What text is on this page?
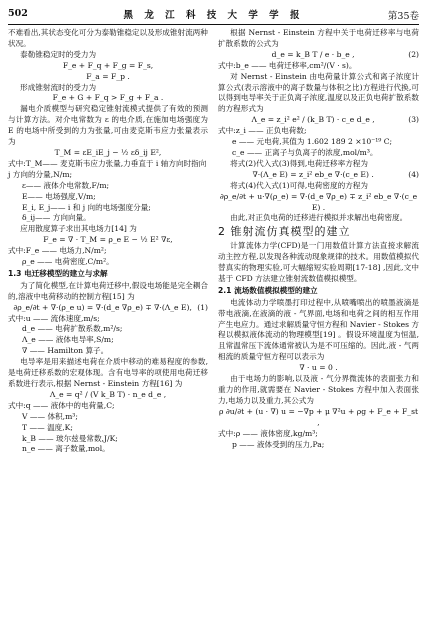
502	黑 龙 江 科 技 大 学 学 报	第35卷
不难看出,其状态变化可分为泰勒锥稳定以及形成锥射流两种状况。
泰勒锥稳定时的受力为
F_e + F_q + F_g = F_s,
F_a = F_p .
形成锥射流时的受力为
F_e + G + F_q > F_g + F_a .
漏电介质模型与研究稳定锥射流模式提供了有效的预测与计算方法。对介电常数为 ε 的电介质,在施加电场强度为 E 的电场中所受到的力为张量,可由麦克斯韦应力张量表示为
T_M = εE_iE_j − ½ εδ_ij E²,
式中:T_M—— 麦克斯韦应力张量,力垂直于 i 轴方向时指向 j 方向的分量,N/m;
ε—— 液体介电常数,F/m;
E—— 电场强度,V/m;
E_i, E_j—— i 和 j 向的电场强度分量;
δ_ij—— 方向向量。
应用散度算子求出其电场力[14] 为
F_e = ∇ · T_M = ρ_e E − ½ E² ∇ε,
式中:F_e —— 电场力,N/m²;
ρ_e —— 电荷密度,C/m²。
1.3 电迁移模型的建立与求解
为了简化模型,在计算电荷迁移中,假设电场能是完全耦合的,溶液中电荷移动的控制方程[15] 为
∂ρ_e/∂t + ∇·(ρ_e u) = ∇·(d_e ∇ρ_e) ∓ ∇·(Λ_e E), (1)
式中:u —— 流体速度,m/s;
d_e —— 电荷扩散系数,m²/s;
Λ_e —— 液体电导率,S/m;
∇ —— Hamilton 算子。
电导率是用来描述电荷在介质中移动的难易程度的参数,是电荷迁移系数的宏观体现。含有电导率的项使用电荷迁移系数进行表示,根据 Nernst - Einstein 方程[16] 为
Λ_e = q² / (V k_B T) · n_e d_e ,
式中:q —— 液体中的电荷量,C;
V —— 体积,m³;
T —— 温度,K;
k_B —— 玻尔兹曼常数,J/K;
n_e —— 离子数量,mol。
根据 Nernst - Einstein 方程中关于电荷迁移率与电荷扩散系数的公式为
d_e = k_B T / e · b_e ,	(2)
式中:b_e —— 电荷迁移率,cm²/(V · s)。
对 Nernst - Einstein 由电荷量计算公式和离子浓度计算公式(表示溶液中的离子数量与体积之比)方程进行代换,可以得到电导率关于正负离子浓度,温度以及正负电荷扩散系数的方程形式为
Λ_e = z_i² e² / (k_B T) · c_e d_e ,	(3)
式中:z_i —— 正负电荷数;
e —— 元电荷,其值为 1.602 189 2 ×10⁻¹⁹ C;
c_e —— 正离子与负离子的浓度,mol/m³。
将式(2)代入式(3)得到,电荷迁移率方程为
∇·(Λ_e E) = z_i² eb_e ∇·(c_e E) .	(4)
将式(4)代入式(1)可得,电荷密度的方程为
∂ρ_e/∂t + u·∇(ρ_e) = ∇·(d_e ∇ρ_e) ∓ z_i² eb_e ∇·(c_e E) .
由此,对正负电荷的迁移进行模拟并求解出电荷密度。
2 锥射流仿真模型的建立
计算流体力学(CFD)是一门用数值计算方法直接求解流动主控方程,以发现各种流动现象规律的技术。用数值模拟代替真实的物理实验,可大幅缩短实验周期[17-18] ,因此,文中基于 CFD 方法建立锥射流数值模拟模型。
2.1 流场数值模拟模型的建立
电流体动力学喷墨打印过程中,从喷嘴喷出的喷墨液滴是带电液滴,在液滴的液 - 气界面,电场和电荷之间的相互作用产生电应力。通过求解质量守恒方程和 Navier - Stokes 方程以模拟液体流动的物理模型[19] 。假设环境温度为恒温,且常温常压下流体通常被认为是不可压缩的。因此,液 - 气两相流的质量守恒方程可以表示为
∇ · u = 0 .
由于电场力的影响,以及液 - 气分界微流体的表面张力和重力的作用,就需要在 Navier - Stokes 方程中加入表面张力,电场力以及重力,其公式为
ρ ∂u/∂t + (u · ∇) u = −∇p + μ ∇²u + ρg + F_e + F_st ,
式中:ρ —— 液体密度,kg/m³;
p —— 液体受到的压力,Pa;
